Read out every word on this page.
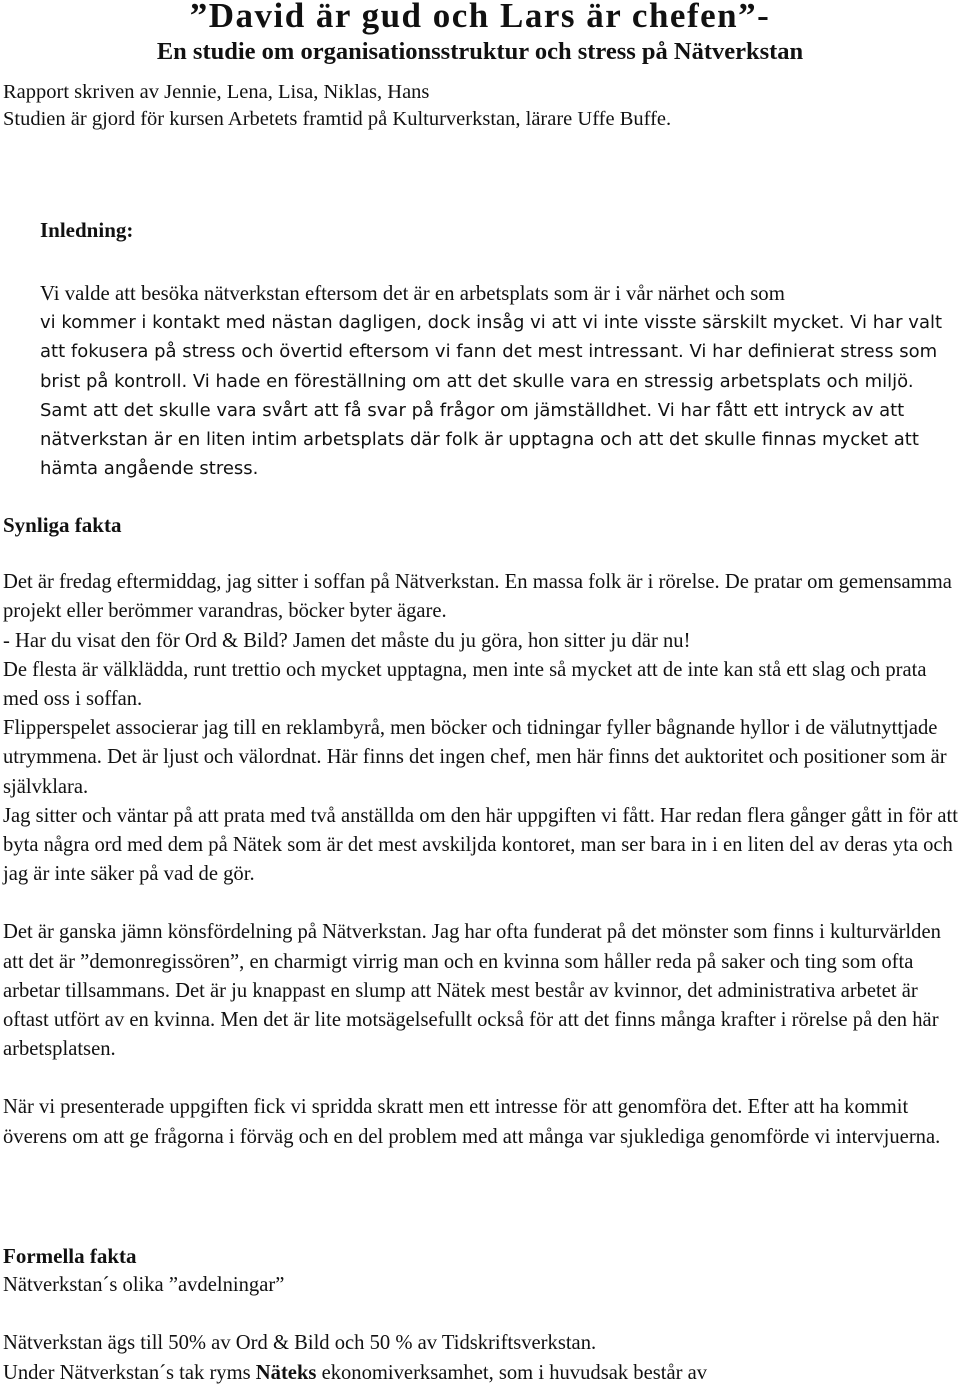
”David är gud och Lars är chefen”-
En studie om organisationsstruktur och stress på Nätverkstan
Rapport skriven av Jennie, Lena, Lisa, Niklas, Hans
Studien är gjord för kursen Arbetets framtid på Kulturverkstan, lärare Uffe Buffe.
Inledning:
Vi valde att besöka nätverkstan eftersom det är en arbetsplats som är i vår närhet och som
vi kommer i kontakt med nästan dagligen, dock insåg vi att vi inte visste särskilt mycket. Vi har valt att fokusera på stress och övertid eftersom vi fann det mest intressant. Vi har definierat stress som brist på kontroll. Vi hade en föreställning om att det skulle vara en stressig arbetsplats och miljö. Samt att det skulle vara svårt att få svar på frågor om jämställdhet. Vi har fått ett intryck av att nätverkstan är en liten intim arbetsplats där folk är upptagna och att det skulle finnas mycket att hämta angående stress.

Synliga fakta

Det är fredag eftermiddag, jag sitter i soffan på Nätverkstan. En massa folk är i rörelse. De pratar om gemensamma projekt eller berömmer varandras, böcker byter ägare.

- Har du visat den för Ord & Bild? Jamen det måste du ju göra, hon sitter ju där nu!

De flesta är välklädda, runt trettio och mycket upptagna, men inte så mycket att de inte kan stå ett slag och prata med oss i soffan.

Flipperspelet associerar jag till en reklambyrå, men böcker och tidningar fyller bågnande hyllor i de välutnyttjade utrymmena. Det är ljust och välordnat. Här finns det ingen chef, men här finns det auktoritet och positioner som är självklara.

Jag sitter och väntar på att prata med två anställda om den här uppgiften vi fått. Har redan flera gånger gått in för att byta några ord med dem på Nätek som är det mest avskiljda kontoret, man ser bara in i en liten del av deras yta och jag är inte säker på vad de gör.

Det är ganska jämn könsfördelning på Nätverkstan. Jag har ofta funderat på det mönster som finns i kulturvärlden att det är ”demonregissören”, en charmigt virrig man och en kvinna som håller reda på saker och ting som ofta arbetar tillsammans. Det är ju knappast en slump att Nätek mest består av kvinnor, det administrativa arbetet är oftast utfört av en kvinna. Men det är lite motsägelsefullt också för att det finns många krafter i rörelse på den här arbetsplatsen.

När vi presenterade uppgiften fick vi spridda skratt men ett intresse för att genomföra det. Efter att ha kommit överens om att ge frågorna i förväg och en del problem med att många var sjukledigа genomförde vi intervjuerna.

Formella fakta

Nätverkstan´s olika ”avdelningar”

Nätverkstan ägs till 50% av Ord & Bild och 50 % av Tidskriftsverkstan.

Under Nätverkstan´s tak ryms Näteks ekonomiverksamhet, som i huvudsak består av
